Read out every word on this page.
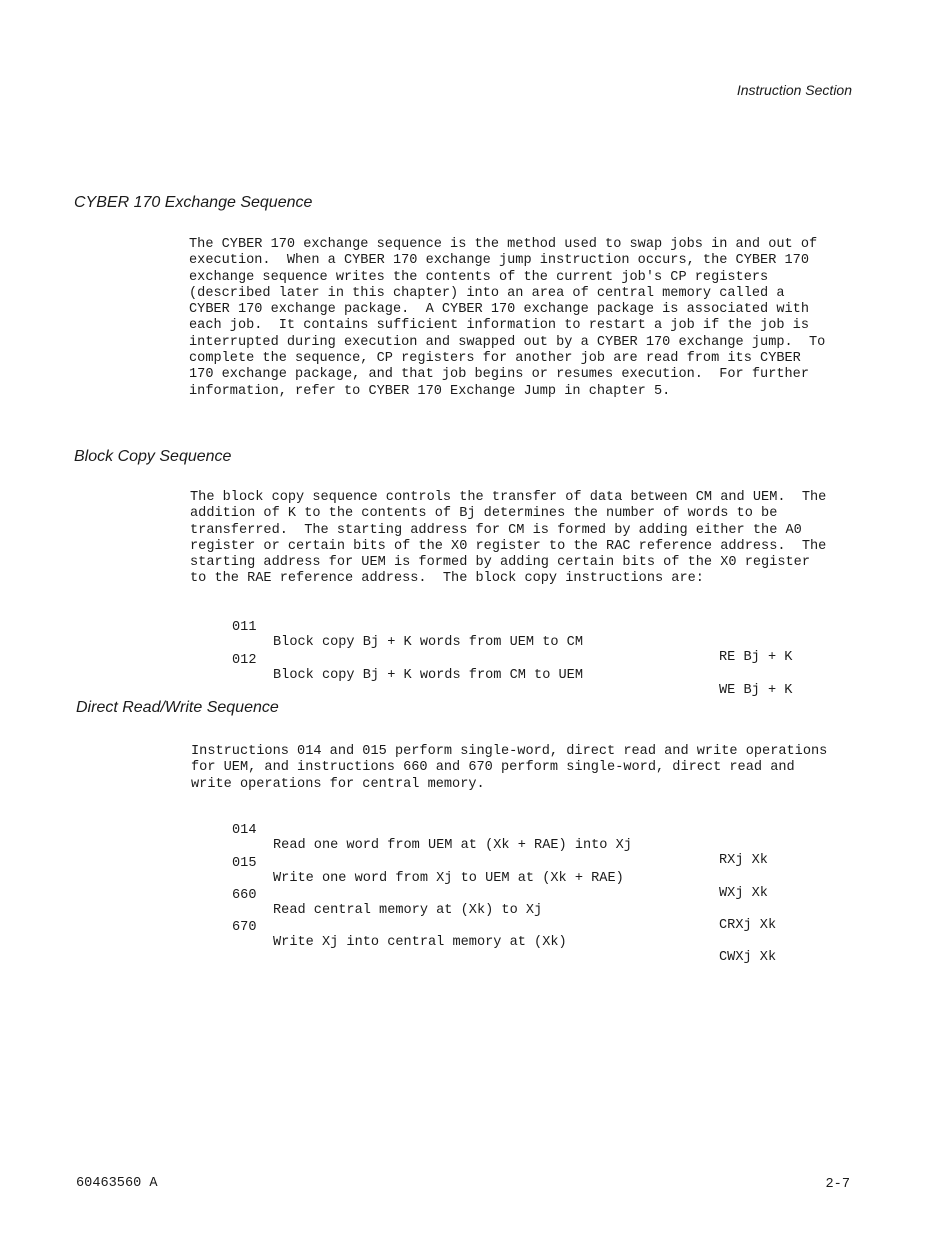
Instruction Section
CYBER 170 Exchange Sequence
The CYBER 170 exchange sequence is the method used to swap jobs in and out of
execution.  When a CYBER 170 exchange jump instruction occurs, the CYBER 170
exchange sequence writes the contents of the current job's CP registers
(described later in this chapter) into an area of central memory called a
CYBER 170 exchange package.  A CYBER 170 exchange package is associated with
each job.  It contains sufficient information to restart a job if the job is
interrupted during execution and swapped out by a CYBER 170 exchange jump.  To
complete the sequence, CP registers for another job are read from its CYBER
170 exchange package, and that job begins or resumes execution.  For further
information, refer to CYBER 170 Exchange Jump in chapter 5.
Block Copy Sequence
The block copy sequence controls the transfer of data between CM and UEM.  The
addition of K to the contents of Bj determines the number of words to be
transferred.  The starting address for CM is formed by adding either the A0
register or certain bits of the X0 register to the RAC reference address.  The
starting address for UEM is formed by adding certain bits of the X0 register
to the RAE reference address.  The block copy instructions are:

011

Block copy Bj + K words from UEM to CM

RE Bj + K

012

Block copy Bj + K words from CM to UEM

WE Bj + K

Direct Read/Write Sequence
Instructions 014 and 015 perform single-word, direct read and write operations
for UEM, and instructions 660 and 670 perform single-word, direct read and
write operations for central memory.

014

Read one word from UEM at (Xk + RAE) into Xj

RXj Xk

015

Write one word from Xj to UEM at (Xk + RAE)

WXj Xk

660

Read central memory at (Xk) to Xj

CRXj Xk

670

Write Xj into central memory at (Xk)

CWXj Xk

60463560 A	2-7
